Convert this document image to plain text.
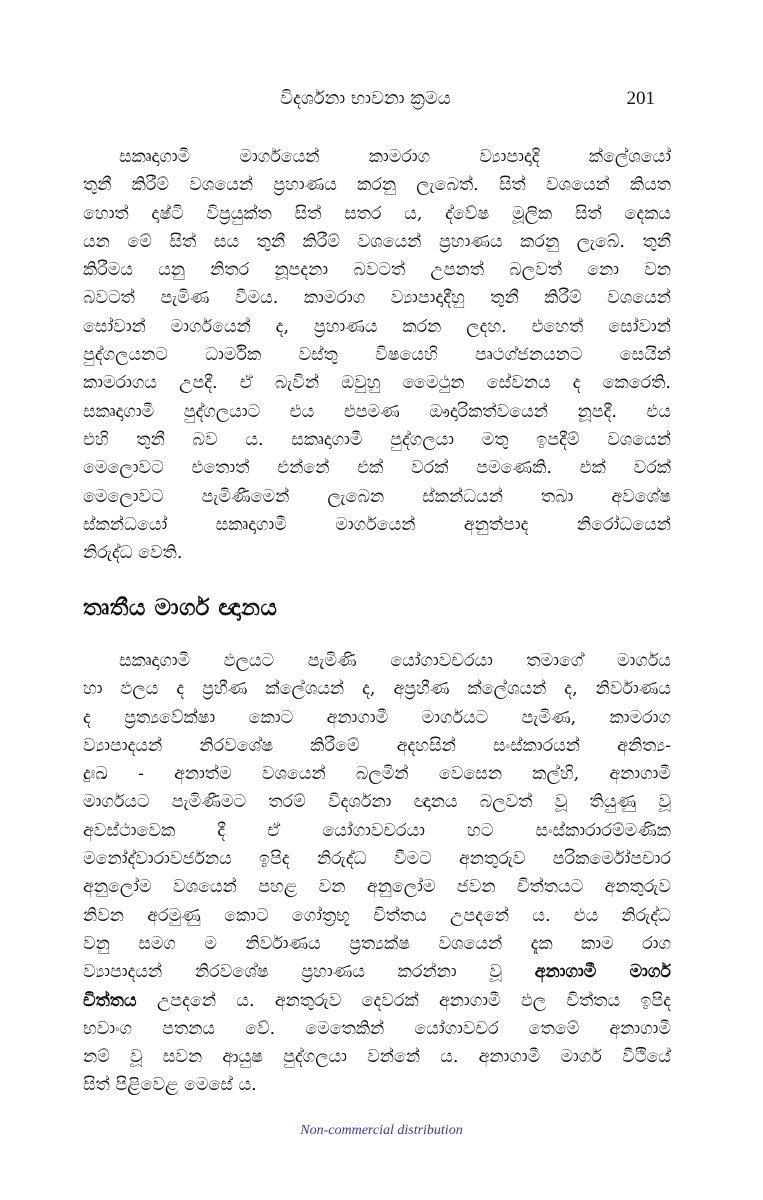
විදර්ශනා භාවනා ක්‍රමය	201
සකෘදාගාමී මාර්ගයෙන් කාමරාග ව්‍යාපාදාදි ක්ලේශයෝ
තුනී කිරීම් වශයෙන් ප්‍රහාණය කරනු ලැබෙත්. සිත් වශයෙන් කියත
හොත් දෘෂ්ටි විප්‍රයුක්ත සිත් සතර ය, ද්වේෂ මූලික සිත් දෙකය
යන මේ සිත් සය තුනී කිරීම් වශයෙන් ප්‍රහාණය කරනු ලැබේ. තුනී
කිරීමය යනු නිතර නූපදනා බවටත් උපනත් බලවත් නො වන
බවටත් පැමිණ වීමය. කාමරාග ව්‍යාපාදාදීහු තුනී කිරීම් වශයෙන්
සෝවාන් මාර්ගයෙන් ද, ප්‍රහාණය කරන ලදහ. එහෙත් සෝවාන්
පුද්ගලයනට ධාර්මික වස්තු විෂයෙහි පෘථග්ජනයනට සෙයින්
කාමරාගය උපදී. ඒ බැවින් ඔවුහු මෛථුන සේවනය ද කෙරෙති.
සකෘදාගාමී පුද්ගලයාට එය එපමණ ඖදාරිකත්වයෙන් නූපදී. එය
එහි තුනී බව ය. සකෘදාගාමී පුද්ගලයා මතු ඉපදීම් වශයෙන්
මෙලොවට එතොත් එන්නේ එක් වරක් පමණෙකි. එක් වරක්
මෙලොවට පැමිණීමෙන් ලැබෙන ස්කන්ධයන් තබා අවශේෂ
ස්කන්ධයෝ සකෘදාගාමී මාර්ගයෙන් අනුත්පාද නිරෝධයෙන්
නිරුද්ධ වෙති.
තෘතීය මාර්ග ඥානය
සකෘදාගාමී ඵලයට පැමිණි යෝගාවචරයා තමාගේ මාර්ගය
හා ඵලය ද ප්‍රහීණ ක්ලේශයන් ද, අප්‍රහීණ ක්ලේශයන් ද, නිර්වාණය
ද ප්‍රත්‍යවේක්ෂා කොට අනාගාමී මාර්ගයට පැමිණ, කාමරාග
ව්‍යාපාදයන් නිරවශේෂ කිරීමේ අදහසින් සංස්කාරයන් අනිත්‍ය-
දුඃඛ - අනාත්ම වශයෙන් බලමින් වෙසෙන කල්හි, අනාගාමී
මාර්ගයට පැමිණීමට තරම් විදර්ශනා ඥානය බලවත් වූ තියුණු වූ
අවස්ථාවෙක දී ඒ යෝගාවචරයා හට සංස්කාරාරම්මණික
මනෝද්වාරාවර්ජනය ඉපිද නිරුද්ධ වීමට අනතුරුව පරිකර්මෝපචාර
අනුලෝම වශයෙන් පහළ වන අනුලෝම ජවන චිත්තයට අනතුරුව
නිවන අරමුණු කොට ගෝත්‍රභූ චිත්තය උපදනේ ය. එය නිරුද්ධ
වනු සමග ම නිර්වාණය ප්‍රත්‍යක්ෂ වශයෙන් දැක කාම රාග
ව්‍යාපාදයන් නිරවශේෂ ප්‍රහාණය කරන්නා වූ අනාගාමී මාර්ග
චිත්තය උපදනේ ය. අනතුරුව දෙවරක් අනාගාමී ඵල චිත්තය ඉපිද
භවාංග පතනය වේ. මෙතෙකින් යෝගාවචර තෙමේ අනාගාමී
නම් වූ සවන ආයුෂ පුද්ගලයා වන්නේ ය. අනාගාමී මාර්ග වීථියේ
සිත් පිළිවෙළ මෙසේ ය.
Non-commercial distribution
